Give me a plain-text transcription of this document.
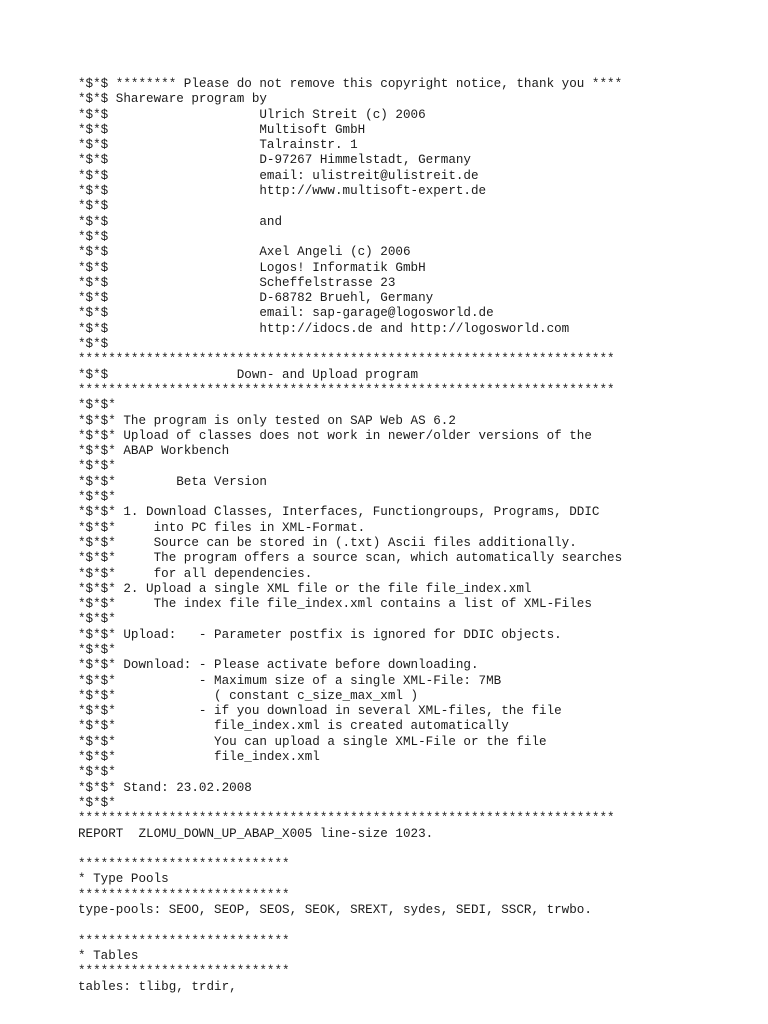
*$*$ ******** Please do not remove this copyright notice, thank you ****
*$*$ Shareware program by
*$*$                    Ulrich Streit (c) 2006
*$*$                    Multisoft GmbH
*$*$                    Talrainstr. 1
*$*$                    D-97267 Himmelstadt, Germany
*$*$                    email: ulistreit@ulistreit.de
*$*$                    http://www.multisoft-expert.de
*$*$
*$*$                    and
*$*$
*$*$                    Axel Angeli (c) 2006
*$*$                    Logos! Informatik GmbH
*$*$                    Scheffelstrasse 23
*$*$                    D-68782 Bruehl, Germany
*$*$                    email: sap-garage@logosworld.de
*$*$                    http://idocs.de and http://logosworld.com
*$*$
***********************************************************************
*$*$                 Down- and Upload program
***********************************************************************
*$*$*
*$*$* The program is only tested on SAP Web AS 6.2
*$*$* Upload of classes does not work in newer/older versions of the
*$*$* ABAP Workbench
*$*$*
*$*$*        Beta Version
*$*$*
*$*$* 1. Download Classes, Interfaces, Functiongroups, Programs, DDIC
*$*$*     into PC files in XML-Format.
*$*$*     Source can be stored in (.txt) Ascii files additionally.
*$*$*     The program offers a source scan, which automatically searches
*$*$*     for all dependencies.
*$*$* 2. Upload a single XML file or the file file_index.xml
*$*$*     The index file file_index.xml contains a list of XML-Files
*$*$*
*$*$* Upload:   - Parameter postfix is ignored for DDIC objects.
*$*$*
*$*$* Download: - Please activate before downloading.
*$*$*           - Maximum size of a single XML-File: 7MB
*$*$*             ( constant c_size_max_xml )
*$*$*           - if you download in several XML-files, the file
*$*$*             file_index.xml is created automatically
*$*$*             You can upload a single XML-File or the file
*$*$*             file_index.xml
*$*$*
*$*$* Stand: 23.02.2008
*$*$*
***********************************************************************
REPORT  ZLOMU_DOWN_UP_ABAP_X005 line-size 1023.
****************************
* Type Pools
****************************
type-pools: SEOO, SEOP, SEOS, SEOK, SREXT, sydes, SEDI, SSCR, trwbo.
****************************
* Tables
****************************
tables: tlibg, trdir,
